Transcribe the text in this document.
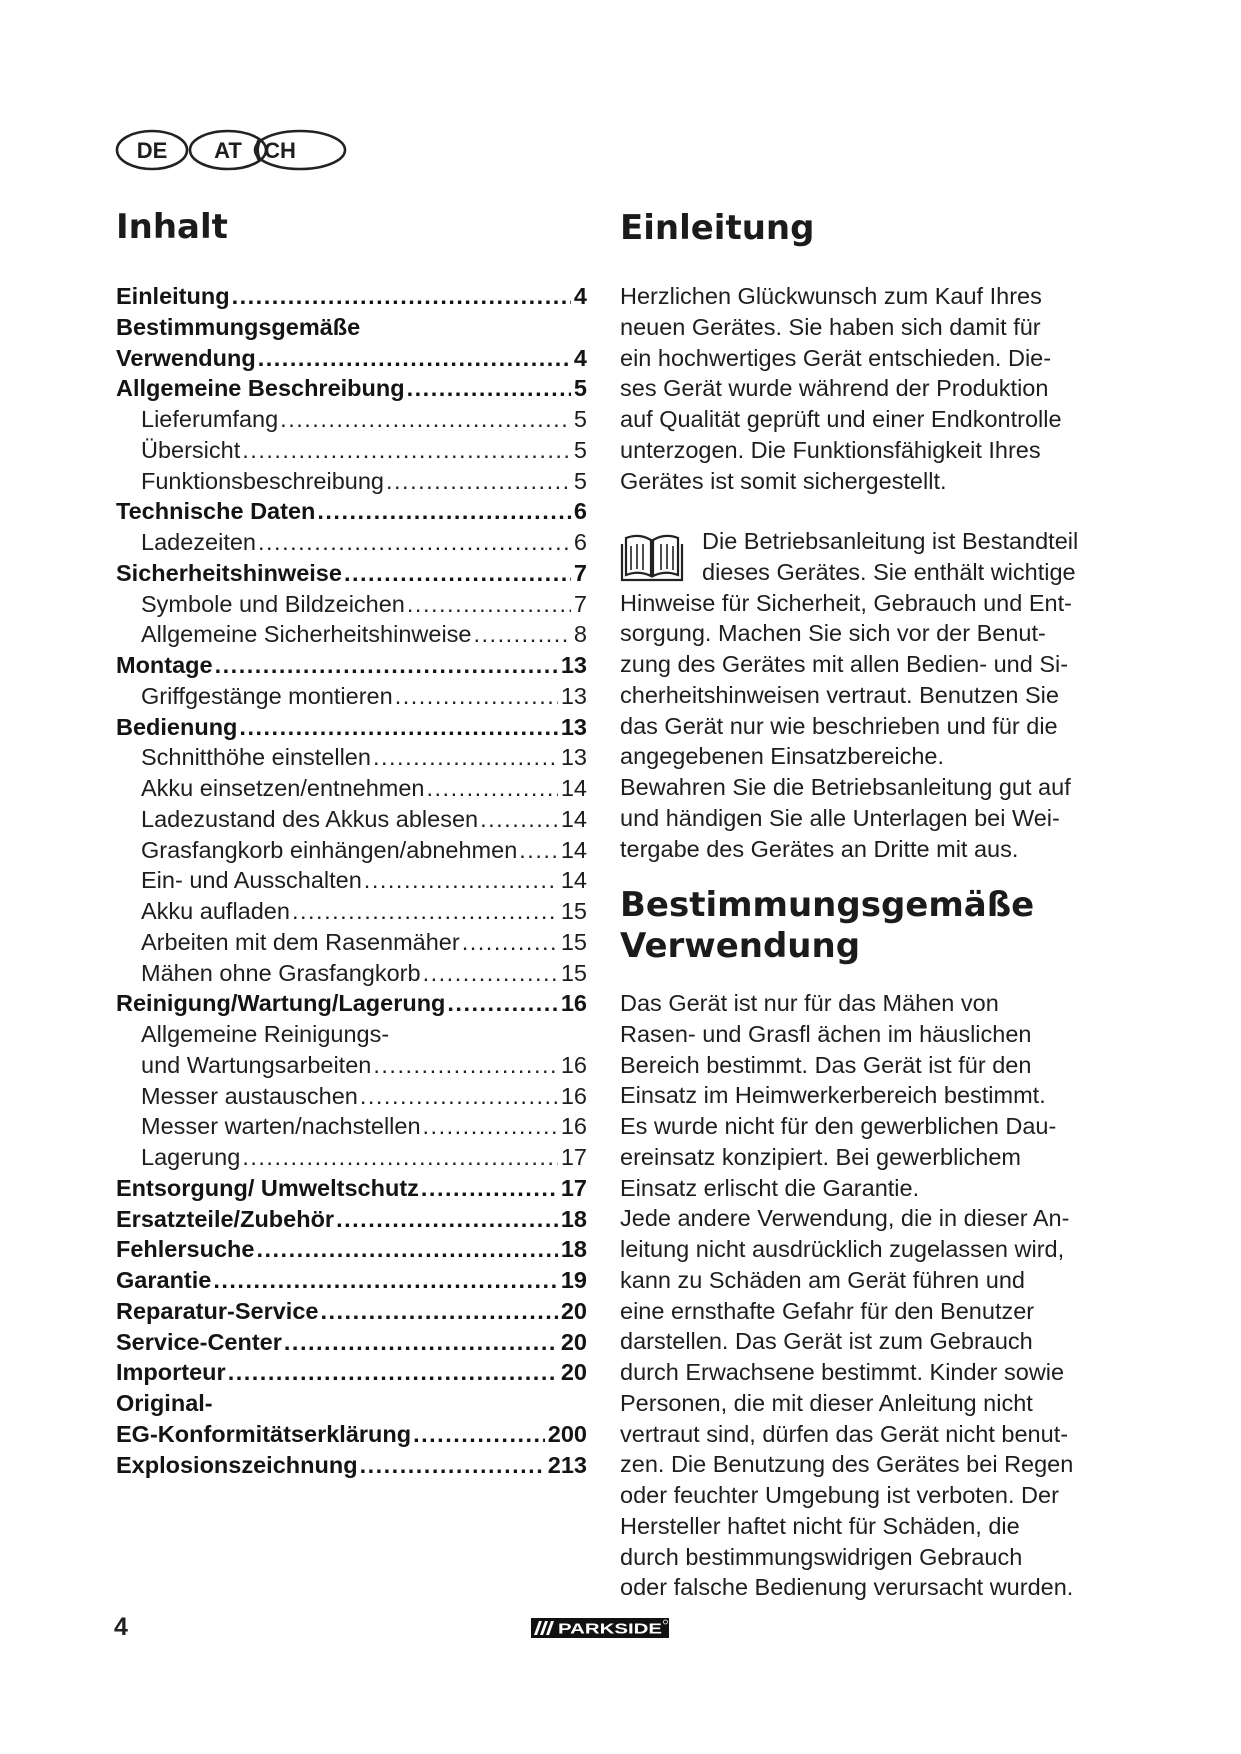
DE AT CH
Inhalt
Einleitung .....	4
Bestimmungsgemäße
Verwendung .....	4
Allgemeine Beschreibung .....	5
Lieferumfang .....	5
Übersicht .....	5
Funktionsbeschreibung .....	5
Technische Daten .....	6
Ladezeiten .....	6
Sicherheitshinweise .....	7
Symbole und Bildzeichen .....	7
Allgemeine Sicherheitshinweise .....	8
Montage .....	13
Griffgestänge montieren .....	13
Bedienung .....	13
Schnitthöhe einstellen .....	13
Akku einsetzen/entnehmen .....	14
Ladezustand des Akkus ablesen .....	14
Grasfangkorb einhängen/abnehmen ..... 14
Ein- und Ausschalten .....	14
Akku aufladen .....	15
Arbeiten mit dem Rasenmäher .....	15
Mähen ohne Grasfangkorb .....	15
Reinigung/Wartung/Lagerung .....	16
Allgemeine Reinigungs-
und Wartungsarbeiten .....	16
Messer austauschen .....	16
Messer warten/nachstellen .....	16
Lagerung .....	17
Entsorgung/ Umweltschutz .....	17
Ersatzteile/Zubehör .....	18
Fehlersuche .....	18
Garantie .....	19
Reparatur-Service .....	20
Service-Center .....	20
Importeur .....	20
Original-
EG-Konformitätserklärung .....	200
Explosionszeichnung .....	213
Einleitung
Herzlichen Glückwunsch zum Kauf Ihres
neuen Gerätes. Sie haben sich damit für
ein hochwertiges Gerät entschieden. Die-
ses Gerät wurde während der Produktion
auf Qualität geprüft und einer Endkontrolle
unterzogen. Die Funktionsfähigkeit Ihres
Gerätes ist somit sichergestellt.
Die Betriebsanleitung ist Bestandteil
dieses Gerätes. Sie enthält wichtige
Hinweise für Sicherheit, Gebrauch und Ent-
sorgung. Machen Sie sich vor der Benut-
zung des Gerätes mit allen Bedien- und Si-
cherheitshinweisen vertraut. Benutzen Sie
das Gerät nur wie beschrieben und für die
angegebenen Einsatzbereiche.
Bewahren Sie die Betriebsanleitung gut auf
und händigen Sie alle Unterlagen bei Wei-
tergabe des Gerätes an Dritte mit aus.
Bestimmungsgemäße
Verwendung
Das Gerät ist nur für das Mähen von
Rasen- und Grasfl ächen im häuslichen
Bereich bestimmt. Das Gerät ist für den
Einsatz im Heimwerkerbereich bestimmt.
Es wurde nicht für den gewerblichen Dau-
ereinsatz konzipiert. Bei gewerblichem
Einsatz erlischt die Garantie.
Jede andere Verwendung, die in dieser An-
leitung nicht ausdrücklich zugelassen wird,
kann zu Schäden am Gerät führen und
eine ernsthafte Gefahr für den Benutzer
darstellen. Das Gerät ist zum Gebrauch
durch Erwachsene bestimmt. Kinder sowie
Personen, die mit dieser Anleitung nicht
vertraut sind, dürfen das Gerät nicht benut-
zen. Die Benutzung des Gerätes bei Regen
oder feuchter Umgebung ist verboten. Der
Hersteller haftet nicht für Schäden, die
durch bestimmungswidrigen Gebrauch
oder falsche Bedienung verursacht wurden.
4	PARKSIDE
